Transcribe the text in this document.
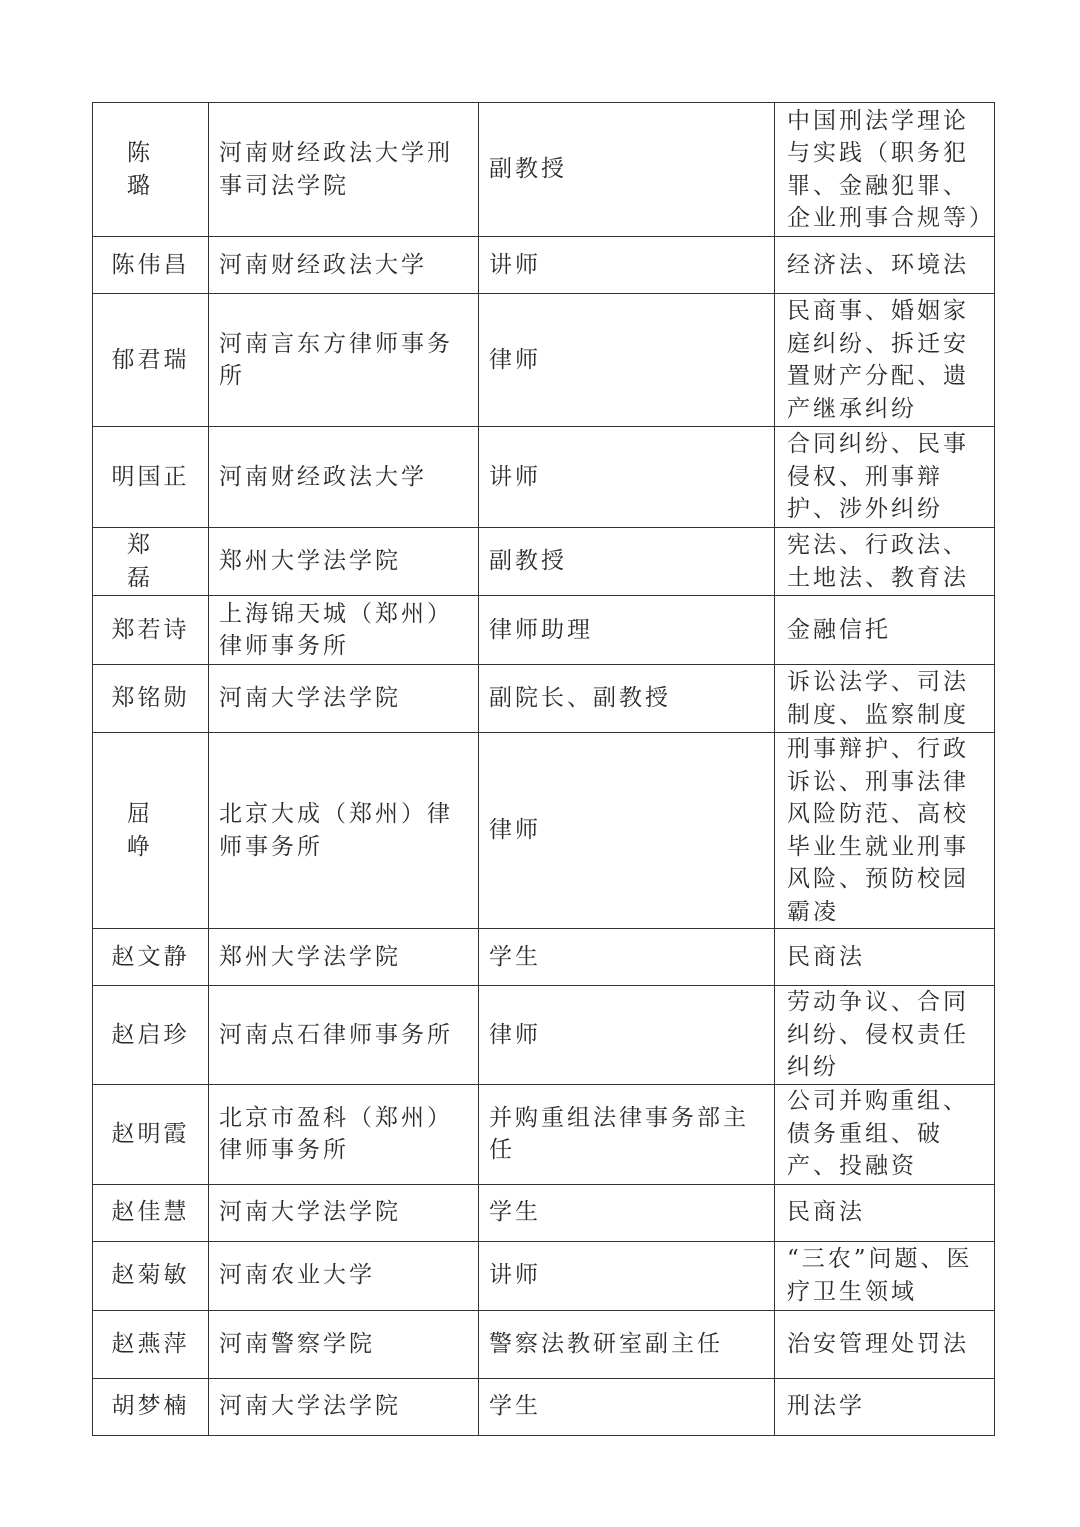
陈　璐	河南财经政法大学刑事司法学院	副教授	中国刑法学理论与实践（职务犯罪、金融犯罪、企业刑事合规等）
陈伟昌	河南财经政法大学	讲师	经济法、环境法
郁君瑞	河南言东方律师事务所	律师	民商事、婚姻家庭纠纷、拆迁安置财产分配、遗产继承纠纷
明国正	河南财经政法大学	讲师	合同纠纷、民事侵权、刑事辩护、涉外纠纷
郑　磊	郑州大学法学院	副教授	宪法、行政法、土地法、教育法
郑若诗	上海锦天城（郑州）律师事务所	律师助理	金融信托
郑铭勋	河南大学法学院	副院长、副教授	诉讼法学、司法制度、监察制度
屈　峥	北京大成（郑州）律师事务所	律师	刑事辩护、行政诉讼、刑事法律风险防范、高校毕业生就业刑事风险、预防校园霸凌
赵文静	郑州大学法学院	学生	民商法
赵启珍	河南点石律师事务所	律师	劳动争议、合同纠纷、侵权责任纠纷
赵明霞	北京市盈科（郑州）律师事务所	并购重组法律事务部主任	公司并购重组、债务重组、破产、投融资
赵佳慧	河南大学法学院	学生	民商法
赵菊敏	河南农业大学	讲师	“三农”问题、医疗卫生领域
赵燕萍	河南警察学院	警察法教研室副主任	治安管理处罚法
胡梦楠	河南大学法学院	学生	刑法学
